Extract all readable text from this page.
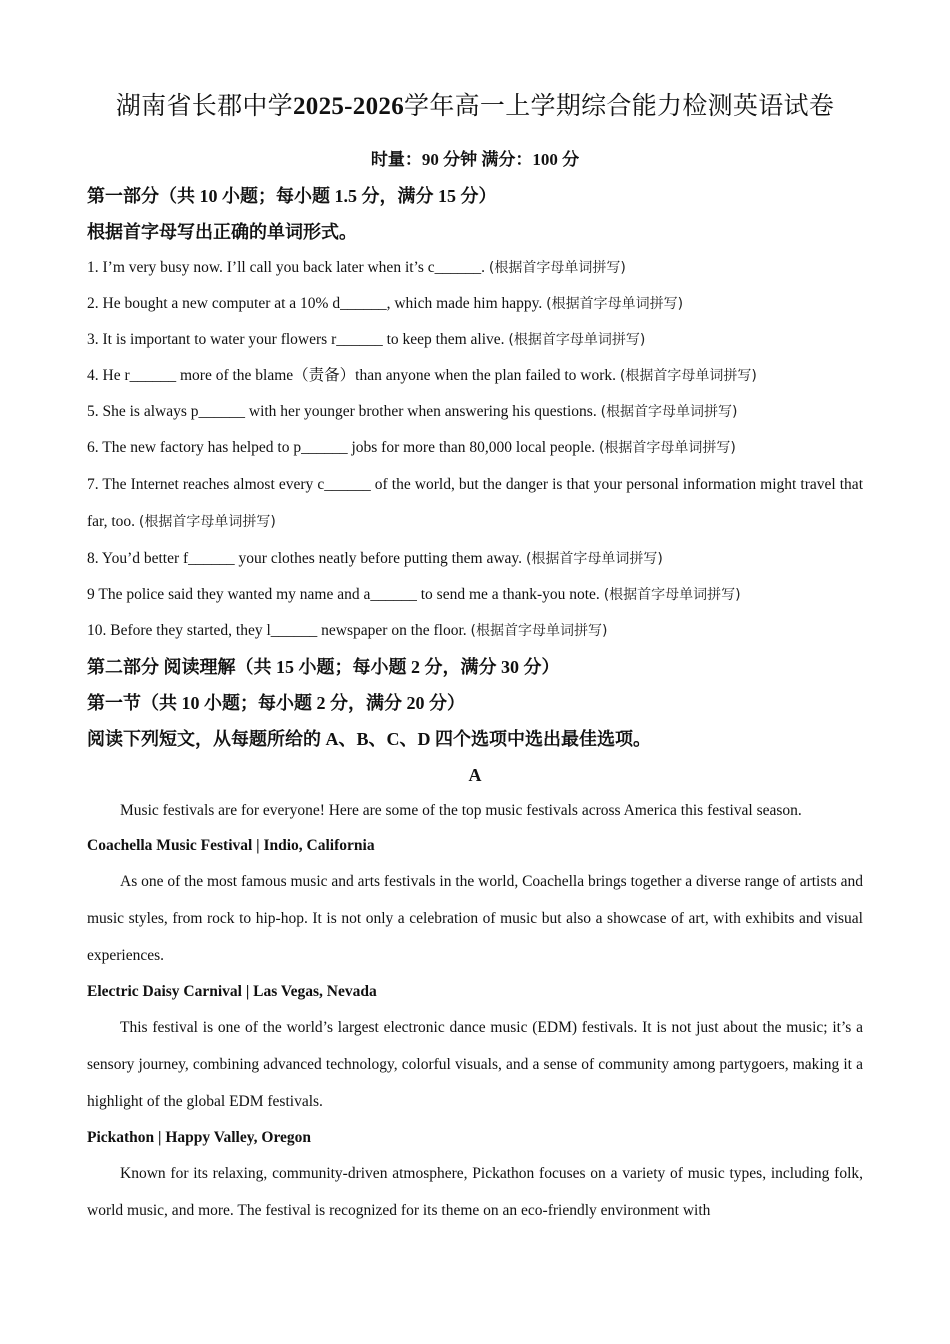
湖南省长郡中学2025-2026学年高一上学期综合能力检测英语试卷
时量：90 分钟 满分：100 分
第一部分（共 10 小题；每小题 1.5 分，满分 15 分）
根据首字母写出正确的单词形式。
1. I’m very busy now. I’ll call you back later when it’s c______. (根据首字母单词拼写)
2. He bought a new computer at a 10% d______, which made him happy. (根据首字母单词拼写)
3. It is important to water your flowers r______ to keep them alive. (根据首字母单词拼写)
4. He r______ more of the blame（责备）than anyone when the plan failed to work. (根据首字母单词拼写)
5. She is always p______ with her younger brother when answering his questions. (根据首字母单词拼写)
6. The new factory has helped to p______ jobs for more than 80,000 local people. (根据首字母单词拼写)
7. The Internet reaches almost every c______ of the world, but the danger is that your personal information might travel that far, too. (根据首字母单词拼写)
8. You’d better f______ your clothes neatly before putting them away. (根据首字母单词拼写)
9 The police said they wanted my name and a______ to send me a thank-you note. (根据首字母单词拼写)
10. Before they started, they l______ newspaper on the floor. (根据首字母单词拼写)
第二部分 阅读理解（共 15 小题；每小题 2 分，满分 30 分）
第一节（共 10 小题；每小题 2 分，满分 20 分）
阅读下列短文，从每题所给的 A、B、C、D 四个选项中选出最佳选项。
A

Music festivals are for everyone! Here are some of the top music festivals across America this festival season.

Coachella Music Festival | Indio, California

As one of the most famous music and arts festivals in the world, Coachella brings together a diverse range of artists and music styles, from rock to hip-hop. It is not only a celebration of music but also a showcase of art, with exhibits and visual experiences.

Electric Daisy Carnival | Las Vegas, Nevada

This festival is one of the world’s largest electronic dance music (EDM) festivals. It is not just about the music; it’s a sensory journey, combining advanced technology, colorful visuals, and a sense of community among partygoers, making it a highlight of the global EDM festivals.

Pickathon | Happy Valley, Oregon

Known for its relaxing, community-driven atmosphere, Pickathon focuses on a variety of music types, including folk, world music, and more. The festival is recognized for its theme on an eco-friendly environment with
